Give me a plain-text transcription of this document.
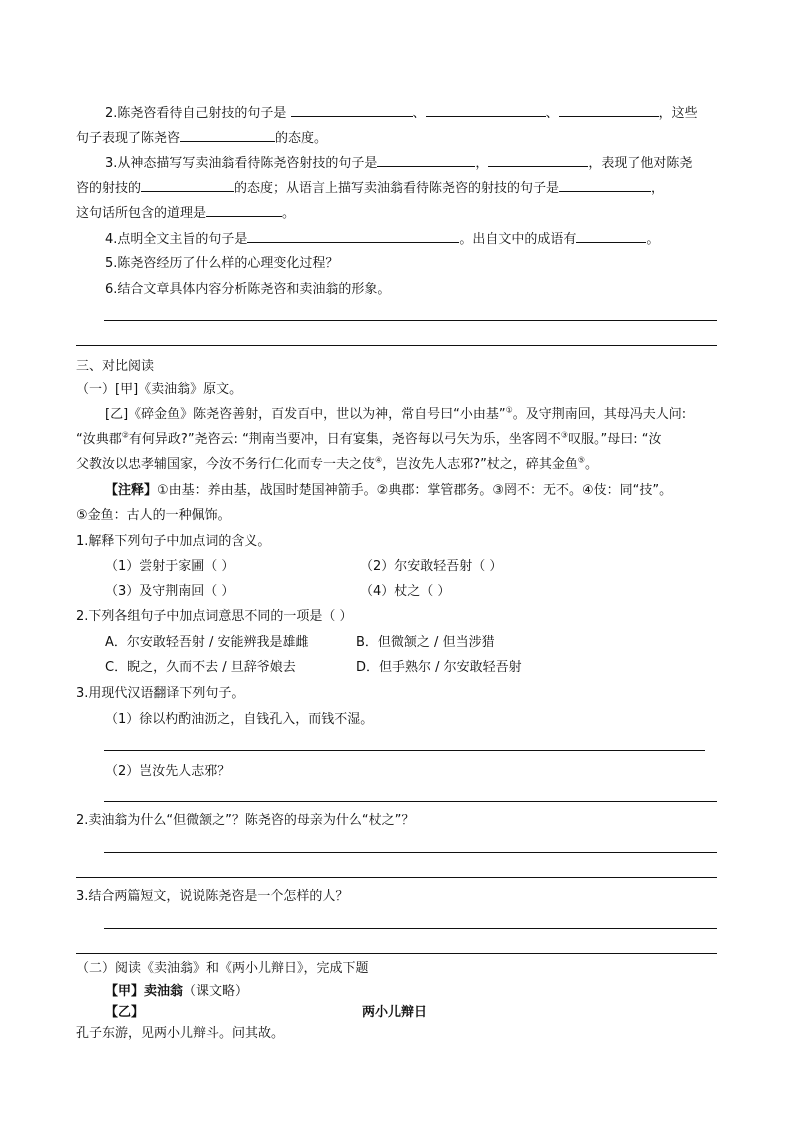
2.陈尧咨看待自己射技的句子是	、	、	，这些
句子表现了陈尧咨	的态度。
3.从神态描写写卖油翁看待陈尧咨射技的句子是	，	，表现了他对陈尧
咨的射技的	的态度；从语言上描写卖油翁看待陈尧咨的射技的句子是	，
这句话所包含的道理是	。
4.点明全文主旨的句子是	。出自文中的成语有	。
5.陈尧咨经历了什么样的心理变化过程？
6.结合文章具体内容分析陈尧咨和卖油翁的形象。
三、对比阅读
（一）[甲]《卖油翁》原文。
[乙]《碎金鱼》陈尧咨善射，百发百中，世以为神，常自号曰“小由基”①。及守荆南回，其母冯夫人问:
“汝典郡②有何异政?”尧咨云: “荆南当要冲，日有宴集，尧咨每以弓矢为乐，坐客罔不③叹服。”母曰: “汝
父教汝以忠孝辅国家，今汝不务行仁化而专一夫之伎④，岂汝先人志邪?”杖之，碎其金鱼⑤。
【注释】①由基：养由基，战国时楚国神箭手。②典郡：掌管郡务。③罔不：无不。④伎：同“技”。
⑤金鱼：古人的一种佩饰。
1.解释下列句子中加点词的含义。
（1）尝射于家圃（ ）	（2）尔安敢轻吾射（ ）
（3）及守荆南回（ ）	（4）杖之（ ）
2.下列各组句子中加点词意思不同的一项是（ ）
A．尔安敢轻吾射 / 安能辨我是雄雌	B．但微颔之 / 但当涉猎
C．睨之，久而不去 / 旦辞爷娘去	D．但手熟尔 / 尔安敢轻吾射
3.用现代汉语翻译下列句子。
（1）徐以杓酌油沥之，自钱孔入，而钱不湿。
（2）岂汝先人志邪？
2.卖油翁为什么“但微颔之”？陈尧咨的母亲为什么“杖之”？
3.结合两篇短文，说说陈尧咨是一个怎样的人？
（二）阅读《卖油翁》和《两小儿辩日》，完成下题
【甲】卖油翁（课文略）
【乙】	两小儿辩日
孔子东游，见两小儿辩斗。问其故。
